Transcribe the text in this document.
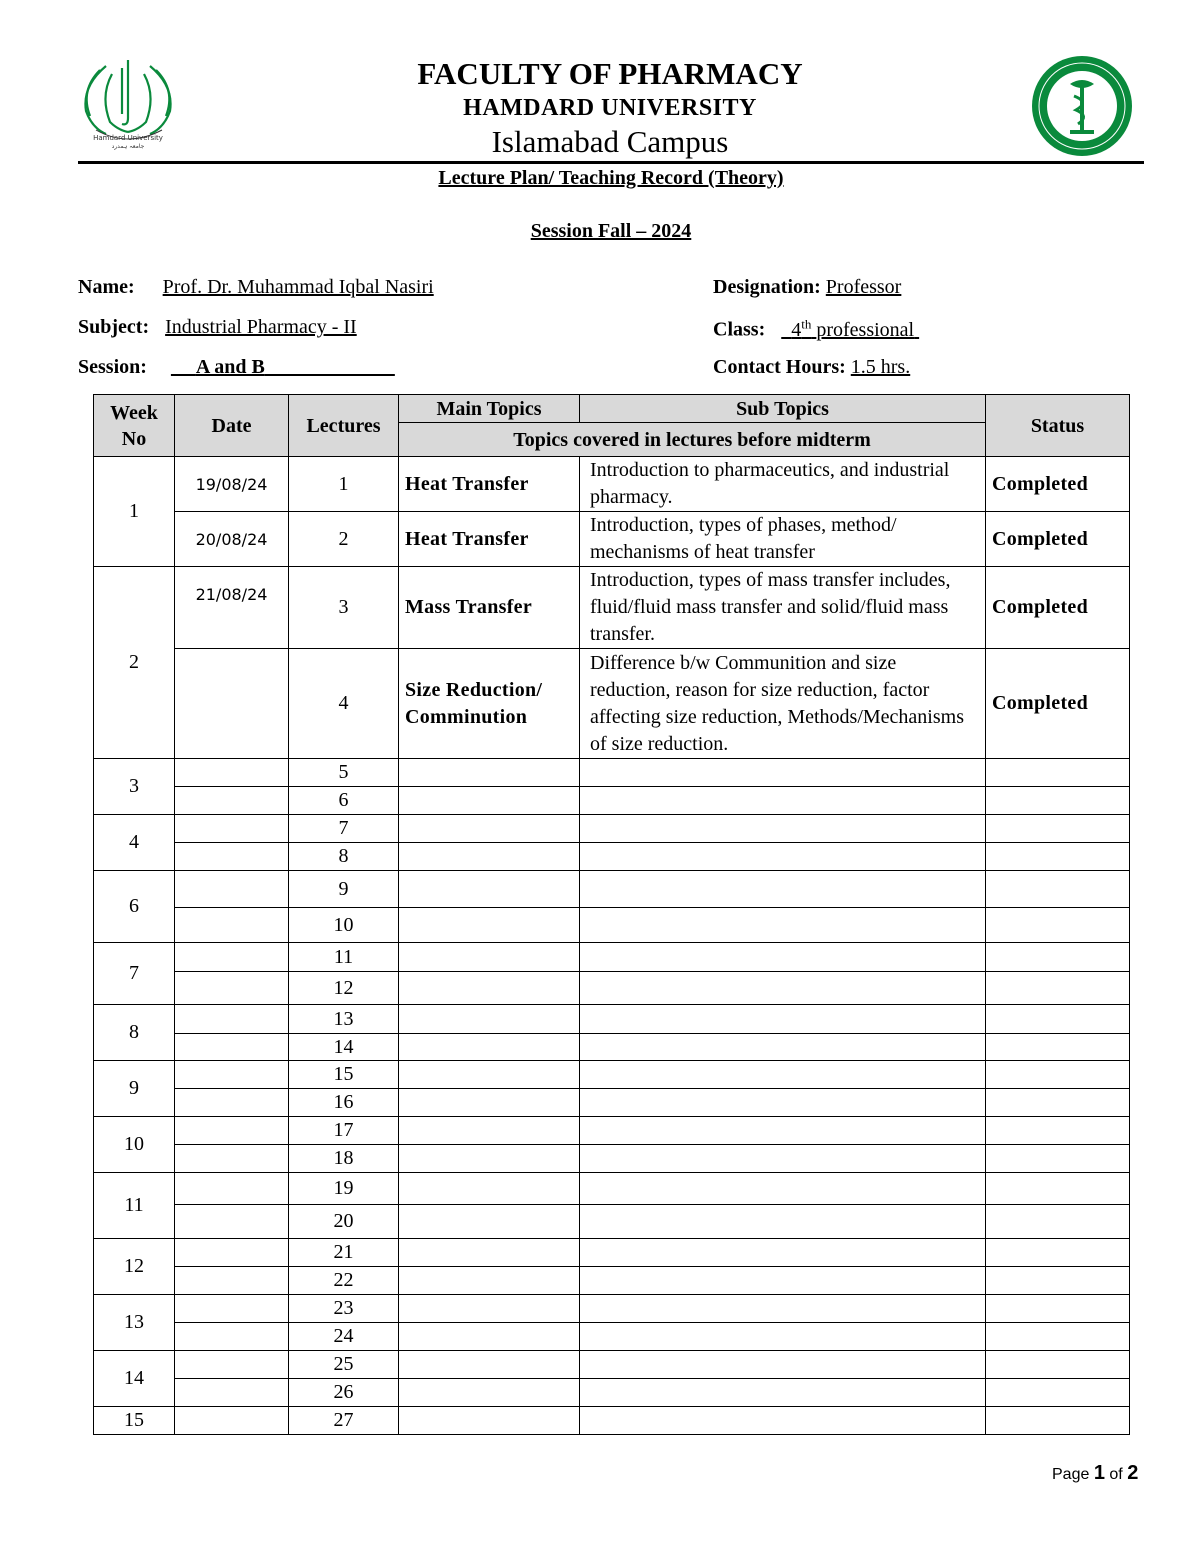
Hamdard University
جامعہ ہمدرد
FACULTY OF PHARMACY
HAMDARD UNIVERSITY
Islamabad Campus
Lecture Plan/ Teaching Record (Theory)
Session Fall – 2024
Name: Prof. Dr. Muhammad Iqbal Nasiri	Designation: Professor
Subject: Industrial Pharmacy - II	Class: 4th professional
Session: A and B	Contact Hours: 1.5 hrs.
Week No	Date	Lectures	Main Topics	Sub Topics	Status
			Topics covered in lectures before midterm		
1	19/08/24	1	Heat Transfer	Introduction to pharmaceutics, and industrial pharmacy.	Completed
	20/08/24	2	Heat Transfer	Introduction, types of phases, method/ mechanisms of heat transfer	Completed
2	21/08/24	3	Mass Transfer	Introduction, types of mass transfer includes, fluid/fluid mass transfer and solid/fluid mass transfer.	Completed
		4	Size Reduction/ Comminution	Difference b/w Communition and size reduction, reason for size reduction, factor affecting size reduction, Methods/Mechanisms of size reduction.	Completed
3		5			
		6			
4		7			
		8			
6		9			
		10			
7		11			
		12			
8		13			
		14			
9		15			
		16			
10		17			
		18			
11		19			
		20			
12		21			
		22			
13		23			
		24			
14		25			
		26			
15		27			
Page 1 of 2
